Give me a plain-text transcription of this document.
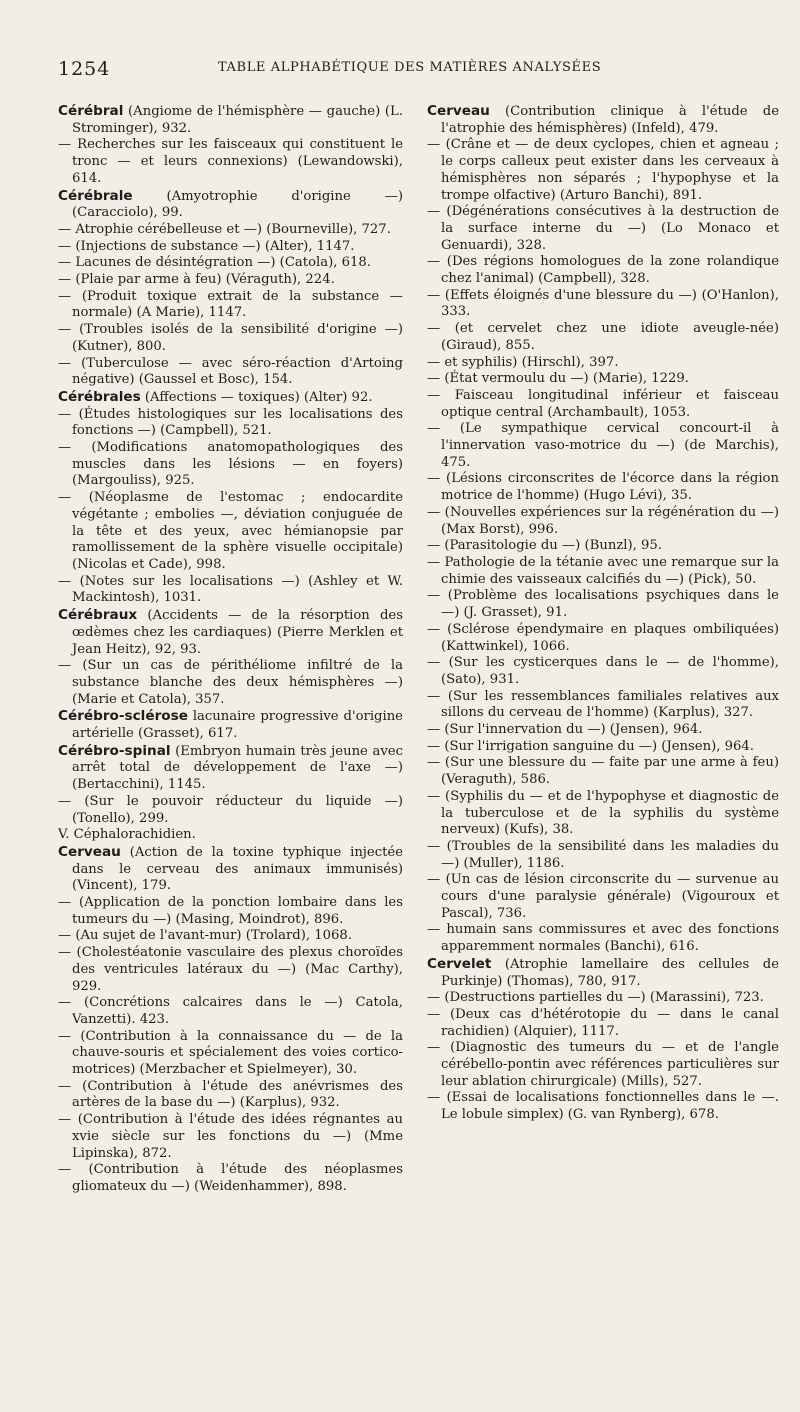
1254	TABLE ALPHABÉTIQUE DES MATIÈRES ANALYSÉES

Cérébral (Angiome de l'hémisphère — gauche) (L. Strominger), 932.

— Recherches sur les faisceaux qui constituent le tronc — et leurs connexions) (Lewandowski), 614.

Cérébrale (Amyotrophie d'origine —) (Caracciolo), 99.

— Atrophie cérébelleuse et —) (Bourneville), 727.

— (Injections de substance —) (Alter), 1147.

— Lacunes de désintégration —) (Catola), 618.

— (Plaie par arme à feu) (Véraguth), 224.

— (Produit toxique extrait de la substance — normale) (A Marie), 1147.

— (Troubles isolés de la sensibilité d'origine —) (Kutner), 800.

— (Tuberculose — avec séro-réaction d'Artoing négative) (Gaussel et Bosc), 154.

Cérébrales (Affections — toxiques) (Alter) 92.

— (Études histologiques sur les localisations des fonctions —) (Campbell), 521.

— (Modifications anatomopathologiques des muscles dans les lésions — en foyers) (Margouliss), 925.

— (Néoplasme de l'estomac ; endocardite végétante ; embolies —, déviation conjuguée de la tête et des yeux, avec hémianopsie par ramollissement de la sphère visuelle occipitale) (Nicolas et Cade), 998.

— (Notes sur les localisations —) (Ashley et W. Mackintosh), 1031.

Cérébraux (Accidents — de la résorption des œdèmes chez les cardiaques) (Pierre Merklen et Jean Heitz), 92, 93.

— (Sur un cas de périthéliome infiltré de la substance blanche des deux hémisphères —) (Marie et Catola), 357.

Cérébro-sclérose lacunaire progressive d'origine artérielle (Grasset), 617.

Cérébro-spinal (Embryon humain très jeune avec arrêt total de développement de l'axe —) (Bertacchini), 1145.

— (Sur le pouvoir réducteur du liquide —) (Tonello), 299.

V. Céphalorachidien.

Cerveau (Action de la toxine typhique injectée dans le cerveau des animaux immunisés) (Vincent), 179.

— (Application de la ponction lombaire dans les tumeurs du —) (Masing, Moindrot), 896.

— (Au sujet de l'avant-mur) (Trolard), 1068.

— (Cholestéatonie vasculaire des plexus choroïdes des ventricules latéraux du —) (Mac Carthy), 929.

— (Concrétions calcaires dans le —) Catola, Vanzetti). 423.

— (Contribution à la connaissance du — de la chauve-souris et spécialement des voies cortico-motrices) (Merzbacher et Spielmeyer), 30.

— (Contribution à l'étude des anévrismes des artères de la base du —) (Karplus), 932.

— (Contribution à l'étude des idées régnantes au xvie siècle sur les fonctions du —) (Mme Lipinska), 872.

— (Contribution à l'étude des néoplasmes gliomateux du —) (Weidenhammer), 898.

Cerveau (Contribution clinique à l'étude de l'atrophie des hémisphères) (Infeld), 479.

— (Crâne et — de deux cyclopes, chien et agneau ; le corps calleux peut exister dans les cerveaux à hémisphères non séparés ; l'hypophyse et la trompe olfactive) (Arturo Banchi), 891.

— (Dégénérations consécutives à la destruction de la surface interne du —) (Lo Monaco et Genuardi), 328.

— (Des régions homologues de la zone rolandique chez l'animal) (Campbell), 328.

— (Effets éloignés d'une blessure du —) (O'Hanlon), 333.

— (et cervelet chez une idiote aveugle-née) (Giraud), 855.

— et syphilis) (Hirschl), 397.

— (État vermoulu du —) (Marie), 1229.

— Faisceau longitudinal inférieur et faisceau optique central (Archambault), 1053.

— (Le sympathique cervical concourt-il à l'innervation vaso-motrice du —) (de Marchis), 475.

— (Lésions circonscrites de l'écorce dans la région motrice de l'homme) (Hugo Lévi), 35.

— (Nouvelles expériences sur la régénération du —) (Max Borst), 996.

— (Parasitologie du —) (Bunzl), 95.

— Pathologie de la tétanie avec une remarque sur la chimie des vaisseaux calcifiés du —) (Pick), 50.

— (Problème des localisations psychiques dans le —) (J. Grasset), 91.

— (Sclérose épendymaire en plaques ombiliquées) (Kattwinkel), 1066.

— (Sur les cysticerques dans le — de l'homme), (Sato), 931.

— (Sur les ressemblances familiales relatives aux sillons du cerveau de l'homme) (Karplus), 327.

— (Sur l'innervation du —) (Jensen), 964.

— (Sur l'irrigation sanguine du —) (Jensen), 964.

— (Sur une blessure du — faite par une arme à feu) (Veraguth), 586.

— (Syphilis du — et de l'hypophyse et diagnostic de la tuberculose et de la syphilis du système nerveux) (Kufs), 38.

— (Troubles de la sensibilité dans les maladies du —) (Muller), 1186.

— (Un cas de lésion circonscrite du — survenue au cours d'une paralysie générale) (Vigouroux et Pascal), 736.

— humain sans commissures et avec des fonctions apparemment normales (Banchi), 616.

Cervelet (Atrophie lamellaire des cellules de Purkinje) (Thomas), 780, 917.

— (Destructions partielles du —) (Marassini), 723.

— (Deux cas d'hétérotopie du — dans le canal rachidien) (Alquier), 1117.

— (Diagnostic des tumeurs du — et de l'angle cérébello-pontin avec références particulières sur leur ablation chirurgicale) (Mills), 527.

— (Essai de localisations fonctionnelles dans le —. Le lobule simplex) (G. van Rynberg), 678.
